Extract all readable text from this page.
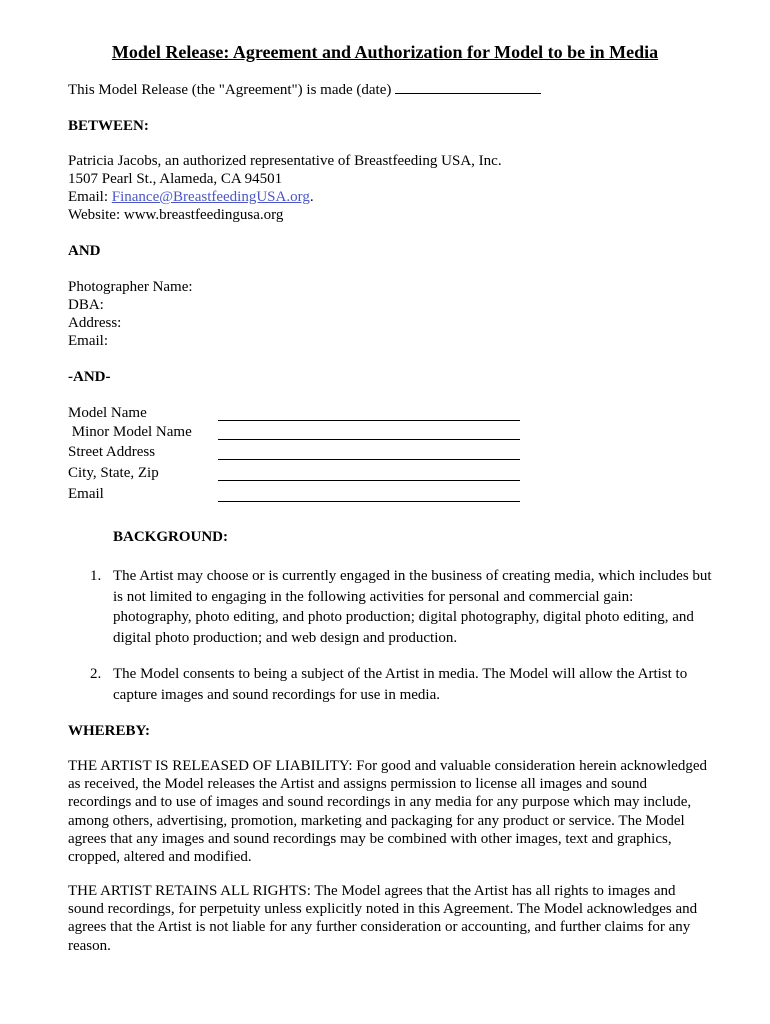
Model Release: Agreement and Authorization for Model to be in Media

This Model Release (the "Agreement") is made (date)

BETWEEN:

Patricia Jacobs, an authorized representative of Breastfeeding USA, Inc.

1507 Pearl St., Alameda, CA 94501

Email: Finance@BreastfeedingUSA.org.

Website: www.breastfeedingusa.org

AND

Photographer Name:

DBA:

Address:

Email:

-AND-

Model Name
Minor Model Name
Street Address
City, State, Zip
Email

BACKGROUND:

1. The Artist may choose or is currently engaged in the business of creating media, which includes but is not limited to engaging in the following activities for personal and commercial gain: photography, photo editing, and photo production; digital photography, digital photo editing, and digital photo production; and web design and production.

2. The Model consents to being a subject of the Artist in media. The Model will allow the Artist to capture images and sound recordings for use in media.

WHEREBY:

THE ARTIST IS RELEASED OF LIABILITY: For good and valuable consideration herein acknowledged as received, the Model releases the Artist and assigns permission to license all images and sound recordings and to use of images and sound recordings in any media for any purpose which may include, among others, advertising, promotion, marketing and packaging for any product or service. The Model agrees that any images and sound recordings may be combined with other images, text and graphics, cropped, altered and modified.

THE ARTIST RETAINS ALL RIGHTS: The Model agrees that the Artist has all rights to images and sound recordings, for perpetuity unless explicitly noted in this Agreement. The Model acknowledges and agrees that the Artist is not liable for any further consideration or accounting, and further claims for any reason.
